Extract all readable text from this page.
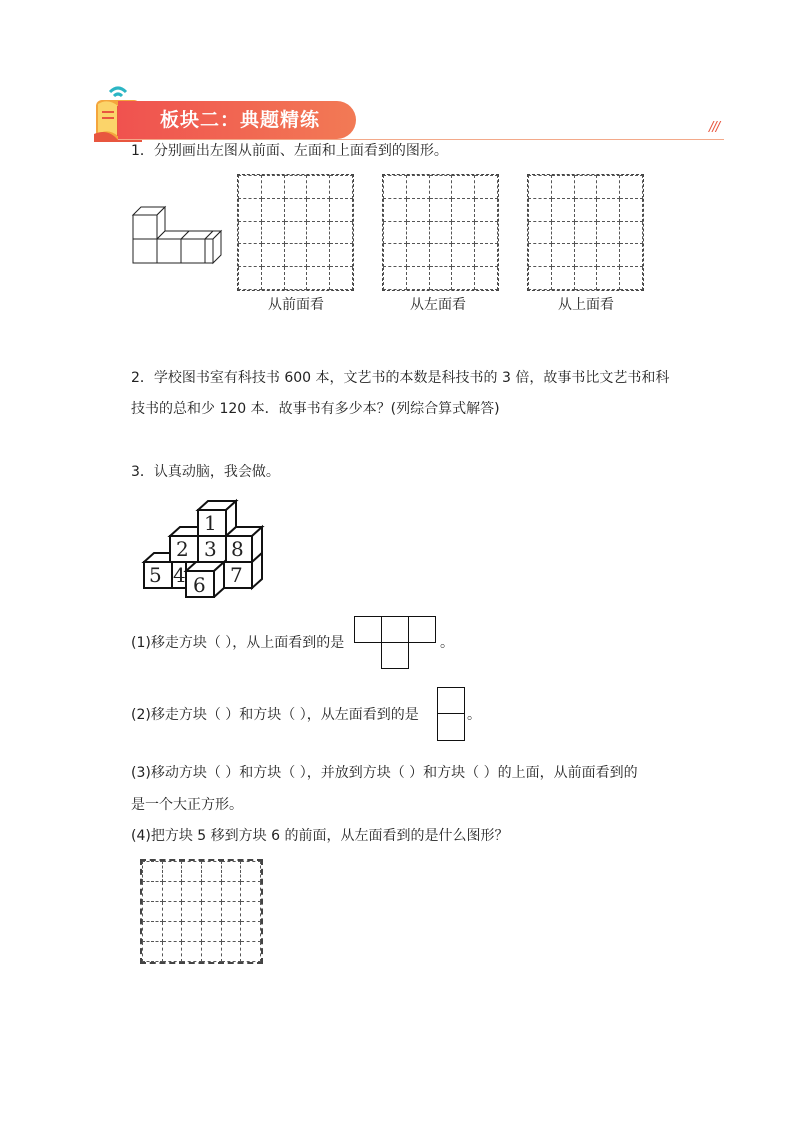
板块二：典题精练	///
1．分别画出左图从前面、左面和上面看到的图形。

从前面看	从左面看	从上面看
2．学校图书室有科技书 600 本，文艺书的本数是科技书的 3 倍，故事书比文艺书和科
技书的总和少 120 本．故事书有多少本？(列综合算式解答)
3．认真动脑，我会做。
1
2 3 8
5 4 6 7
(1)移走方块（ ），从上面看到的是	。
(2)移走方块（ ）和方块（ ），从左面看到的是	。
(3)移动方块（ ）和方块（ ），并放到方块（ ）和方块（ ）的上面，从前面看到的
是一个大正方形。
(4)把方块 5 移到方块 6 的前面，从左面看到的是什么图形？
